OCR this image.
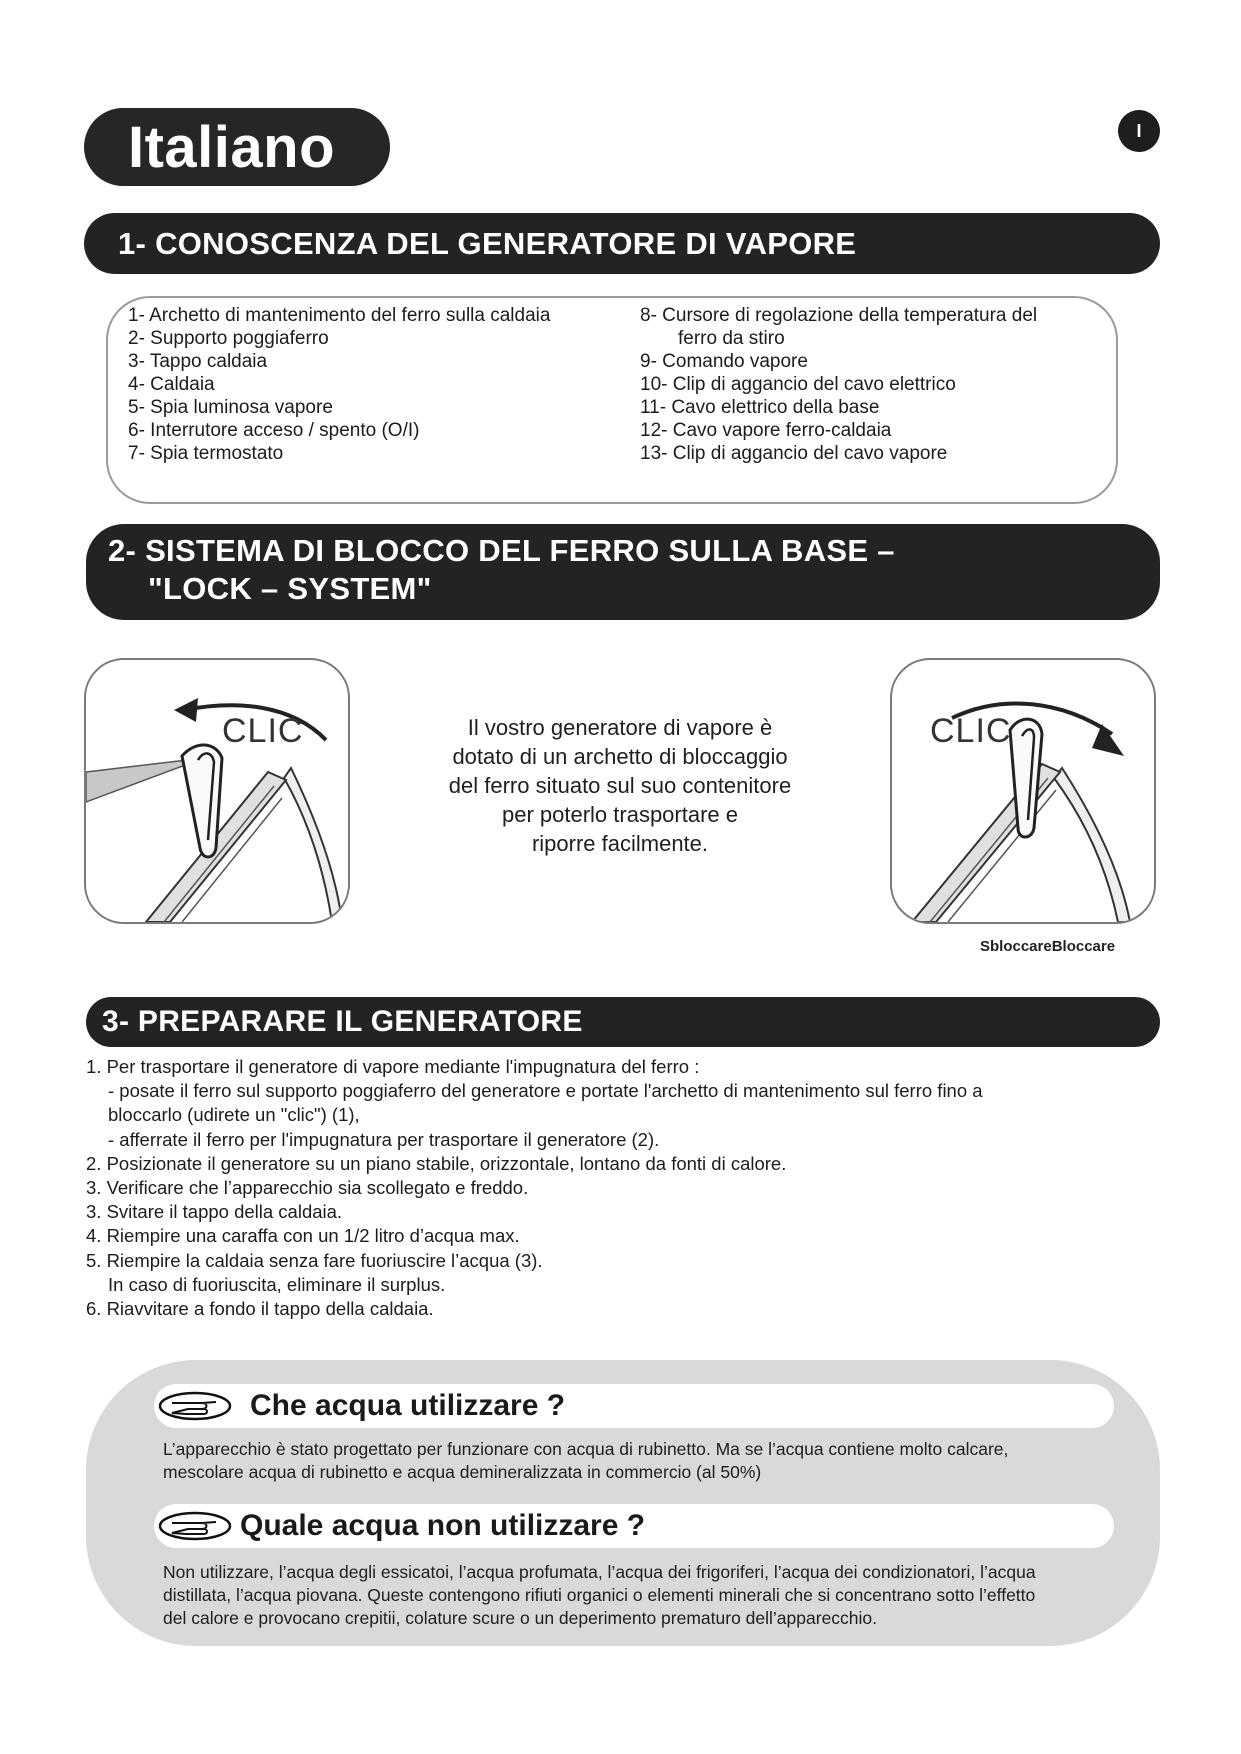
Italiano	I
1- CONOSCENZA DEL GENERATORE DI VAPORE
1- Archetto di mantenimento del ferro sulla caldaia
2- Supporto poggiaferro
3- Tappo caldaia
4- Caldaia
5- Spia luminosa vapore
6- Interrutore acceso / spento (O/I)
7- Spia termostato
8- Cursore di regolazione della temperatura del
ferro da stiro
9- Comando vapore
10- Clip di aggancio del cavo elettrico
11- Cavo elettrico della base
12- Cavo vapore ferro-caldaia
13- Clip di aggancio del cavo vapore
2- SISTEMA DI BLOCCO DEL FERRO SULLA BASE –
"LOCK – SYSTEM"
CLIC	CLIC
Il vostro generatore di vapore è
dotato di un archetto di bloccaggio
del ferro situato sul suo contenitore
per poterlo trasportare e
riporre facilmente.
SbloccareBloccare
3- PREPARARE IL GENERATORE
1. Per trasportare il generatore di vapore mediante l'impugnatura del ferro :
- posate il ferro sul supporto poggiaferro del generatore e portate l'archetto di mantenimento sul ferro fino a
bloccarlo (udirete un "clic") (1),
- afferrate il ferro per l'impugnatura per trasportare il generatore (2).
2. Posizionate il generatore su un piano stabile, orizzontale, lontano da fonti di calore.
3. Verificare che l’apparecchio sia scollegato e freddo.
3. Svitare il tappo della caldaia.
4. Riempire una caraffa con un 1/2 litro d’acqua max.
5. Riempire la caldaia senza fare fuoriuscire l’acqua (3).
In caso di fuoriuscita, eliminare il surplus.
6. Riavvitare a fondo il tappo della caldaia.
Che acqua utilizzare ?
L’apparecchio è stato progettato per funzionare con acqua di rubinetto. Ma se l’acqua contiene molto calcare,
mescolare acqua di rubinetto e acqua demineralizzata in commercio (al 50%)
Quale acqua non utilizzare ?
Non utilizzare, l’acqua degli essicatoi, l’acqua profumata, l’acqua dei frigoriferi, l’acqua dei condizionatori, l’acqua
distillata, l’acqua piovana. Queste contengono rifiuti organici o elementi minerali che si concentrano sotto l’effetto
del calore e provocano crepitii, colature scure o un deperimento prematuro dell’apparecchio.
